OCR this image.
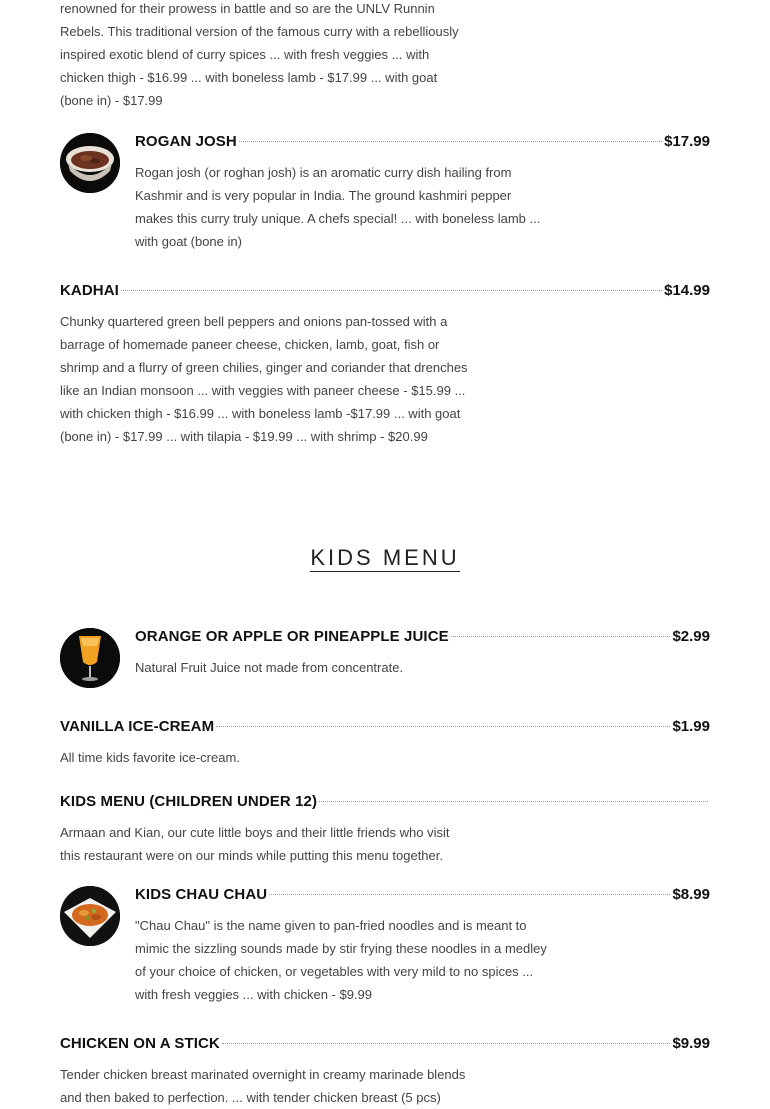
renowned for their prowess in battle and so are the UNLV Runnin Rebels. This traditional version of the famous curry with a rebelliously inspired exotic blend of curry spices ... with fresh veggies ... with chicken thigh - $16.99 ... with boneless lamb - $17.99 ... with goat (bone in) - $17.99

ROGAN JOSH	$17.99

Rogan josh (or roghan josh) is an aromatic curry dish hailing from Kashmir and is very popular in India. The ground kashmiri pepper makes this curry truly unique. A chefs special! ... with boneless lamb ... with goat (bone in)

KADHAI	$14.99

Chunky quartered green bell peppers and onions pan-tossed with a barrage of homemade paneer cheese, chicken, lamb, goat, fish or shrimp and a flurry of green chilies, ginger and coriander that drenches like an Indian monsoon ... with veggies with paneer cheese - $15.99 ... with chicken thigh - $16.99 ... with boneless lamb -$17.99 ... with goat (bone in) - $17.99 ... with tilapia - $19.99 ... with shrimp - $20.99

KIDS MENU
ORANGE OR APPLE OR PINEAPPLE JUICE	$2.99

Natural Fruit Juice not made from concentrate.

VANILLA ICE-CREAM	$1.99

All time kids favorite ice-cream.

KIDS MENU (CHILDREN UNDER 12)

Armaan and Kian, our cute little boys and their little friends who visit this restaurant were on our minds while putting this menu together.

KIDS CHAU CHAU	$8.99

"Chau Chau" is the name given to pan-fried noodles and is meant to mimic the sizzling sounds made by stir frying these noodles in a medley of your choice of chicken, or vegetables with very mild to no spices ... with fresh veggies ... with chicken - $9.99

CHICKEN ON A STICK	$9.99

Tender chicken breast marinated overnight in creamy marinade blends and then baked to perfection. ... with tender chicken breast (5 pcs)
